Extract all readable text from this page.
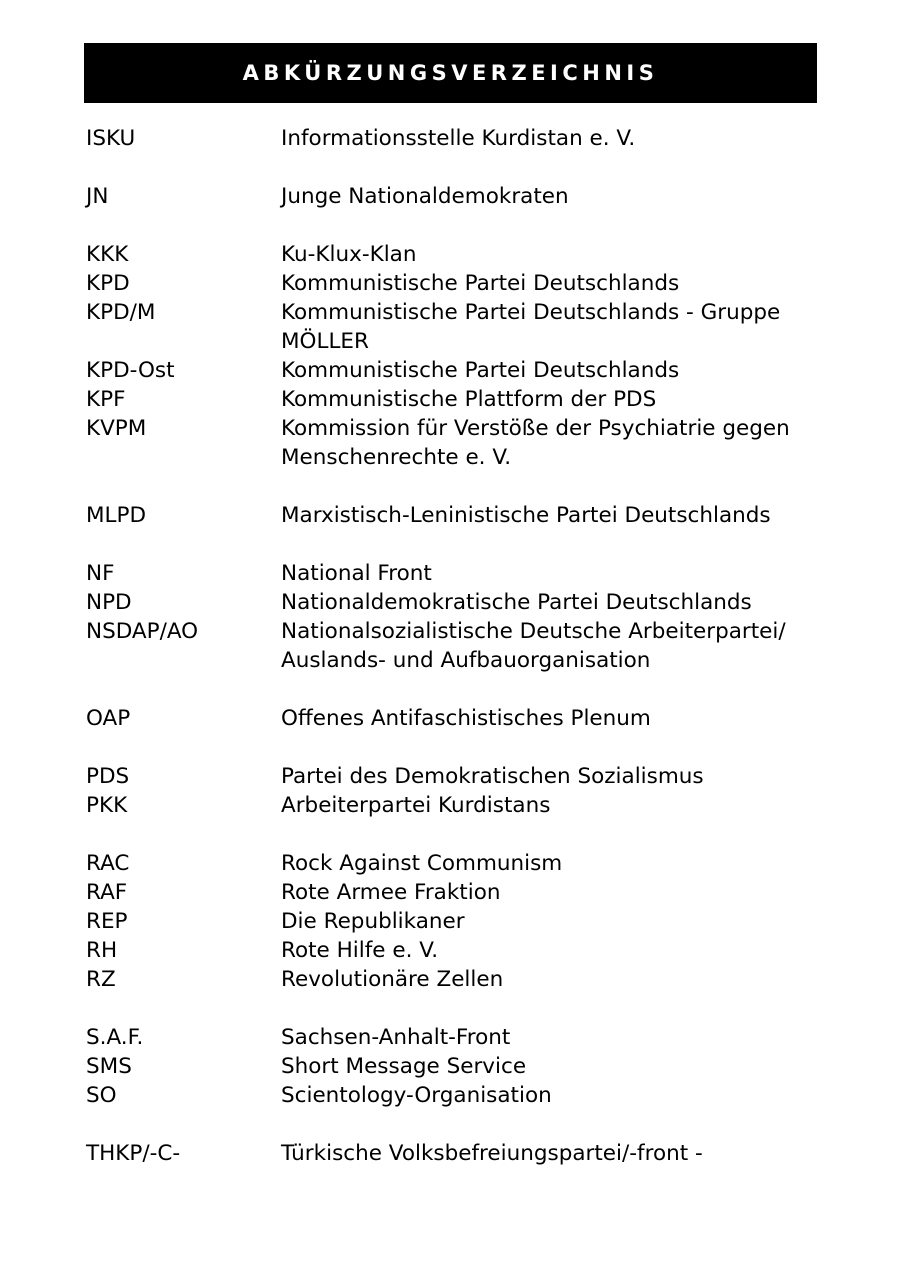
ABKÜRZUNGSVERZEICHNIS
ISKU	Informationsstelle Kurdistan e. V.
JN	Junge Nationaldemokraten
KKK	Ku-Klux-Klan
KPD	Kommunistische Partei Deutschlands
KPD/M	Kommunistische Partei Deutschlands - Gruppe MÖLLER
KPD-Ost	Kommunistische Partei Deutschlands
KPF	Kommunistische Plattform der PDS
KVPM	Kommission für Verstöße der Psychiatrie gegen Menschenrechte e. V.
MLPD	Marxistisch-Leninistische Partei Deutschlands
NF	National Front
NPD	Nationaldemokratische Partei Deutschlands
NSDAP/AO	Nationalsozialistische Deutsche Arbeiterpartei/ Auslands- und Aufbauorganisation
OAP	Offenes Antifaschistisches Plenum
PDS	Partei des Demokratischen Sozialismus
PKK	Arbeiterpartei Kurdistans
RAC	Rock Against Communism
RAF	Rote Armee Fraktion
REP	Die Republikaner
RH	Rote Hilfe e. V.
RZ	Revolutionäre Zellen
S.A.F.	Sachsen-Anhalt-Front
SMS	Short Message Service
SO	Scientology-Organisation
THKP/-C-	Türkische Volksbefreiungspartei/-front -
